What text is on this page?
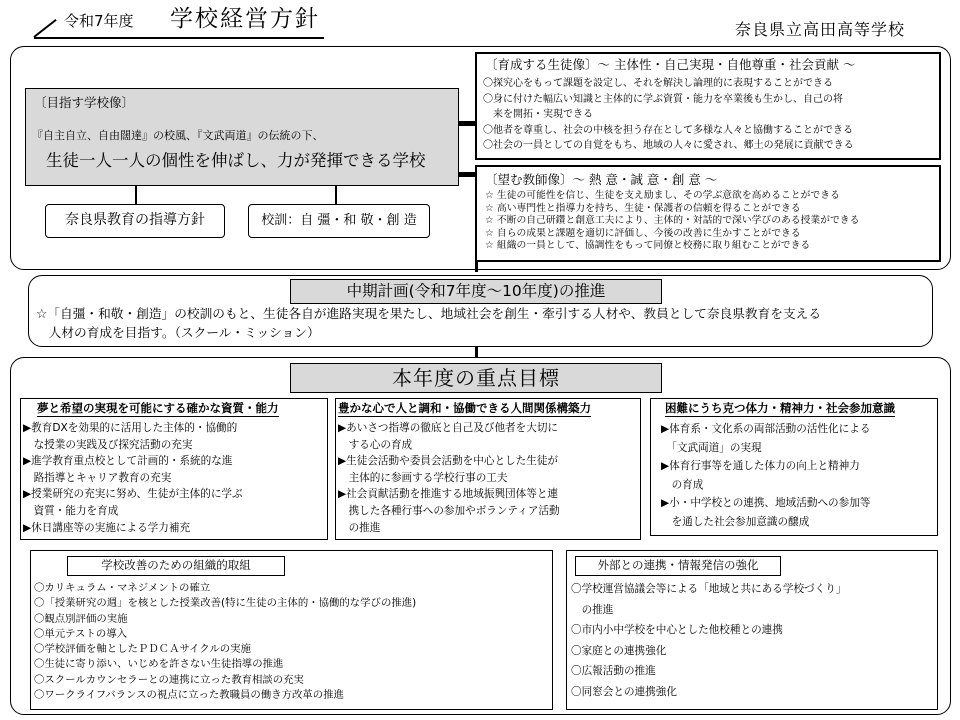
令和7年度 学校経営方針	奈良県立高田高等学校
〔目指す学校像〕
『自主自立、自由闊達』の校風、『文武両道』の伝統の下、
生徒一人一人の個性を伸ばし、力が発揮できる学校
奈良県教育の指導方針	校訓：自 彊・和 敬・創 造
〔育成する生徒像〕～ 主体性・自己実現・自他尊重・社会貢献 ～
〇探究心をもって課題を設定し、それを解決し論理的に表現することができる
〇身に付けた幅広い知識と主体的に学ぶ資質・能力を卒業後も生かし、自己の将
　来を開拓・実現できる
〇他者を尊重し、社会の中核を担う存在として多様な人々と協働することができる
〇社会の一員としての自覚をもち、地域の人々に愛され、郷土の発展に貢献できる
〔望む教師像〕～ 熱 意・誠 意・創 意 ～
☆ 生徒の可能性を信じ、生徒を支え励まし、その学ぶ意欲を高めることができる
☆ 高い専門性と指導力を持ち、生徒・保護者の信頼を得ることができる
☆ 不断の自己研鑽と創意工夫により、主体的・対話的で深い学びのある授業ができる
☆ 自らの成果と課題を適切に評価し、今後の改善に生かすことができる
☆ 組織の一員として、協調性をもって同僚と校務に取り組むことができる
中期計画(令和7年度～10年度)の推進
☆「自彊・和敬・創造」の校訓のもと、生徒各自が進路実現を果たし、地域社会を創生・牽引する人材や、教員として奈良県教育を支える
　人材の育成を目指す。（スクール・ミッション）
本年度の重点目標
夢と希望の実現を可能にする確かな資質・能力
▶教育DXを効果的に活用した主体的・協働的
　な授業の実践及び探究活動の充実
▶進学教育重点校として計画的・系統的な進
　路指導とキャリア教育の充実
▶授業研究の充実に努め、生徒が主体的に学ぶ
　資質・能力を育成
▶休日講座等の実施による学力補充
豊かな心で人と調和・協働できる人間関係構築力
▶あいさつ指導の徹底と自己及び他者を大切に
　する心の育成
▶生徒会活動や委員会活動を中心とした生徒が
　主体的に参画する学校行事の工夫
▶社会貢献活動を推進する地域振興団体等と連
　携した各種行事への参加やボランティア活動
　の推進
困難にうち克つ体力・精神力・社会参加意識
▶体育系・文化系の両部活動の活性化による
　「文武両道」の実現
▶体育行事等を通した体力の向上と精神力
　の育成
▶小・中学校との連携、地域活動への参加等
　を通した社会参加意識の醸成
学校改善のための組織的取組
〇カリキュラム・マネジメントの確立
〇「授業研究の週」を核とした授業改善(特に生徒の主体的・協働的な学びの推進)
〇観点別評価の実施
〇単元テストの導入
〇学校評価を軸としたＰＤＣＡサイクルの実施
〇生徒に寄り添い、いじめを許さない生徒指導の推進
〇スクールカウンセラーとの連携に立った教育相談の充実
〇ワークライフバランスの視点に立った教職員の働き方改革の推進
外部との連携・情報発信の強化
〇学校運営協議会等による「地域と共にある学校づくり」
　の推進
〇市内小中学校を中心とした他校種との連携
〇家庭との連携強化
〇広報活動の推進
〇同窓会との連携強化
